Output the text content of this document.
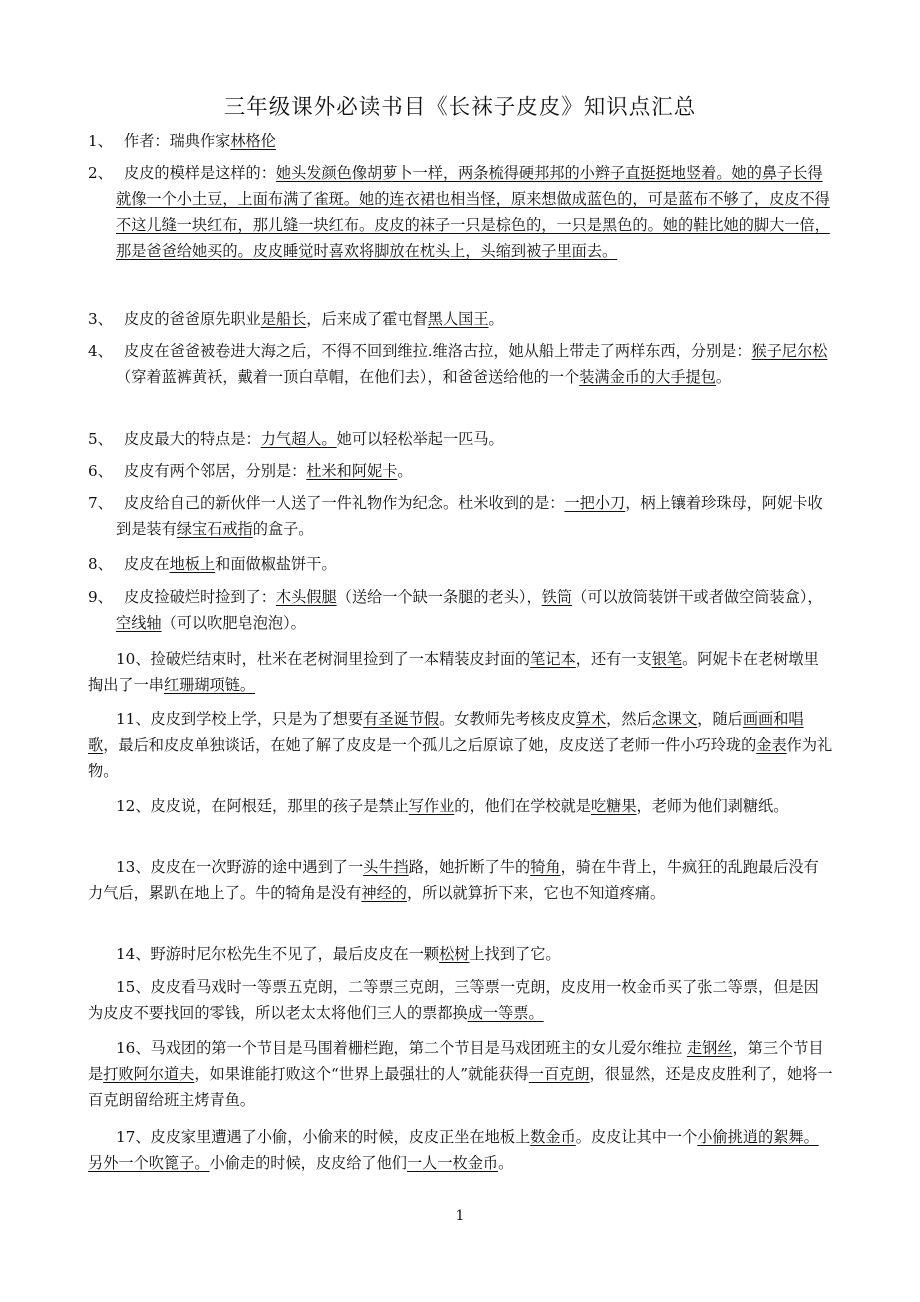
三年级课外必读书目《长袜子皮皮》知识点汇总

1、 作者：瑞典作家林格伦

2、 皮皮的模样是这样的：她头发颜色像胡萝卜一样，两条梳得硬邦邦的小辫子直挺挺地竖着。她的鼻子长得就像一个小土豆，上面布满了雀斑。她的连衣裙也相当怪，原来想做成蓝色的，可是蓝布不够了，皮皮不得不这儿缝一块红布，那儿缝一块红布。皮皮的袜子一只是棕色的，一只是黑色的。她的鞋比她的脚大一倍，那是爸爸给她买的。皮皮睡觉时喜欢将脚放在枕头上，头缩到被子里面去。

3、 皮皮的爸爸原先职业是船长，后来成了霍屯督黑人国王。

4、 皮皮在爸爸被卷进大海之后，不得不回到维拉.维洛古拉，她从船上带走了两样东西，分别是：猴子尼尔松（穿着蓝裤黄袄，戴着一顶白草帽，在他们去），和爸爸送给他的一个装满金币的大手提包。

5、 皮皮最大的特点是：力气超人。她可以轻松举起一匹马。

6、 皮皮有两个邻居，分别是：杜米和阿妮卡。

7、 皮皮给自己的新伙伴一人送了一件礼物作为纪念。杜米收到的是：一把小刀，柄上镶着珍珠母，阿妮卡收到是装有绿宝石戒指的盒子。

8、 皮皮在地板上和面做椒盐饼干。

9、 皮皮捡破烂时捡到了：木头假腿（送给一个缺一条腿的老头），铁筒（可以放筒装饼干或者做空筒装盒），空线轴（可以吹肥皂泡泡）。

10、捡破烂结束时，杜米在老树洞里捡到了一本精装皮封面的笔记本，还有一支银笔。阿妮卡在老树墩里掏出了一串红珊瑚项链。

11、皮皮到学校上学，只是为了想要有圣诞节假。女教师先考核皮皮算术，然后念课文，随后画画和唱歌，最后和皮皮单独谈话，在她了解了皮皮是一个孤儿之后原谅了她，皮皮送了老师一件小巧玲珑的金表作为礼物。

12、皮皮说，在阿根廷，那里的孩子是禁止写作业的，他们在学校就是吃糖果，老师为他们剥糖纸。

13、皮皮在一次野游的途中遇到了一头牛挡路，她折断了牛的犄角，骑在牛背上，牛疯狂的乱跑最后没有力气后，累趴在地上了。牛的犄角是没有神经的，所以就算折下来，它也不知道疼痛。

14、野游时尼尔松先生不见了，最后皮皮在一颗松树上找到了它。

15、皮皮看马戏时一等票五克朗，二等票三克朗，三等票一克朗，皮皮用一枚金币买了张二等票，但是因为皮皮不要找回的零钱，所以老太太将他们三人的票都换成一等票。

16、马戏团的第一个节目是马围着栅栏跑，第二个节目是马戏团班主的女儿爱尔维拉 走钢丝，第三个节目是打败阿尔道夫，如果谁能打败这个“世界上最强壮的人”就能获得一百克朗，很显然，还是皮皮胜利了，她将一百克朗留给班主烤青鱼。

17、皮皮家里遭遇了小偷，小偷来的时候，皮皮正坐在地板上数金币。皮皮让其中一个小偷挑逍的絮舞。另外一个吹篦子。小偷走的时候，皮皮给了他们一人一枚金币。

1
